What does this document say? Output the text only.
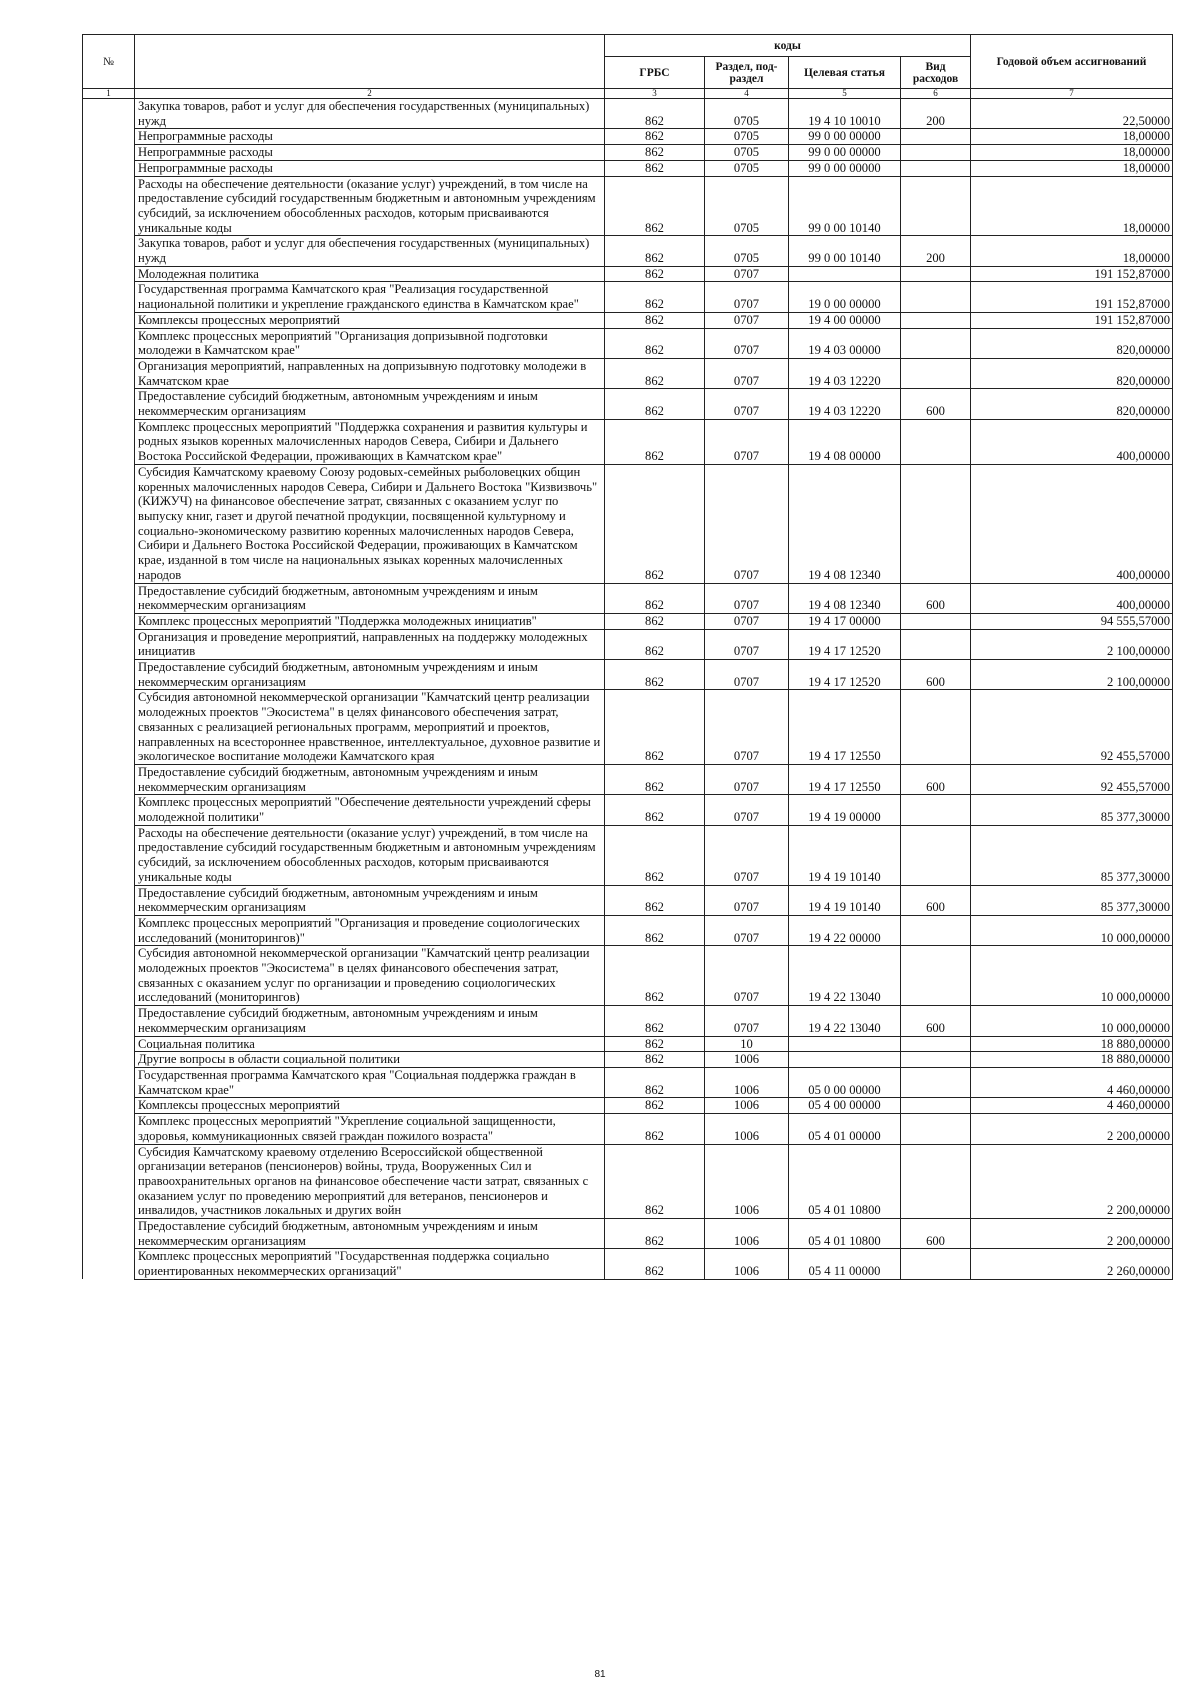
№		коды				Годовой объем ассигнований
		ГРБС	Раздел, под-раздел	Целевая статья	Вид расходов	
1	2	3	4	5	6	7
	Закупка товаров, работ и услуг для обеспечения государственных (муниципальных) нужд	862	0705	19 4 10 10010	200	22,50000
	Непрограммные расходы	862	0705	99 0 00 00000		18,00000
	Непрограммные расходы	862	0705	99 0 00 00000		18,00000
	Непрограммные расходы	862	0705	99 0 00 00000		18,00000
	Расходы на обеспечение деятельности (оказание услуг) учреждений, в том числе на предоставление субсидий государственным бюджетным и автономным учреждениям субсидий, за исключением обособленных расходов, которым присваиваются уникальные коды	862	0705	99 0 00 10140		18,00000
	Закупка товаров, работ и услуг для обеспечения государственных (муниципальных) нужд	862	0705	99 0 00 10140	200	18,00000
	Молодежная политика	862	0707			191 152,87000
	Государственная программа Камчатского края "Реализация государственной национальной политики и укрепление гражданского единства в Камчатском крае"	862	0707	19 0 00 00000		191 152,87000
	Комплексы процессных мероприятий	862	0707	19 4 00 00000		191 152,87000
	Комплекс процессных мероприятий "Организация допризывной подготовки молодежи в Камчатском крае"	862	0707	19 4 03 00000		820,00000
	Организация мероприятий, направленных на допризывную подготовку молодежи в Камчатском крае	862	0707	19 4 03 12220		820,00000
	Предоставление субсидий бюджетным, автономным учреждениям и иным некоммерческим организациям	862	0707	19 4 03 12220	600	820,00000
	Комплекс процессных мероприятий "Поддержка сохранения и развития культуры и родных языков коренных малочисленных народов Севера, Сибири и Дальнего Востока Российской Федерации, проживающих в Камчатском крае"	862	0707	19 4 08 00000		400,00000
	Субсидия Камчатскому краевому Союзу родовых-семейных рыболовецких общин коренных малочисленных народов Севера, Сибири и Дальнего Востока "Кизвизвочь" (КИЖУЧ) на финансовое обеспечение затрат, связанных с оказанием услуг по выпуску книг, газет и другой печатной продукции, посвященной культурному и социально-экономическому развитию коренных малочисленных народов Севера, Сибири и Дальнего Востока Российской Федерации, проживающих в Камчатском крае, изданной в том числе на национальных языках коренных малочисленных народов	862	0707	19 4 08 12340		400,00000
	Предоставление субсидий бюджетным, автономным учреждениям и иным некоммерческим организациям	862	0707	19 4 08 12340	600	400,00000
	Комплекс процессных мероприятий "Поддержка молодежных инициатив"	862	0707	19 4 17 00000		94 555,57000
	Организация и проведение мероприятий, направленных на поддержку молодежных инициатив	862	0707	19 4 17 12520		2 100,00000
	Предоставление субсидий бюджетным, автономным учреждениям и иным некоммерческим организациям	862	0707	19 4 17 12520	600	2 100,00000
	Субсидия автономной некоммерческой организации "Камчатский центр реализации молодежных проектов "Экосистема" в целях финансового обеспечения затрат, связанных с реализацией региональных программ, мероприятий и проектов, направленных на всестороннее нравственное, интеллектуальное, духовное развитие и экологическое воспитание молодежи Камчатского края	862	0707	19 4 17 12550		92 455,57000
	Предоставление субсидий бюджетным, автономным учреждениям и иным некоммерческим организациям	862	0707	19 4 17 12550	600	92 455,57000
	Комплекс процессных мероприятий "Обеспечение деятельности учреждений сферы молодежной политики"	862	0707	19 4 19 00000		85 377,30000
	Расходы на обеспечение деятельности (оказание услуг) учреждений, в том числе на предоставление субсидий государственным бюджетным и автономным учреждениям субсидий, за исключением обособленных расходов, которым присваиваются уникальные коды	862	0707	19 4 19 10140		85 377,30000
	Предоставление субсидий бюджетным, автономным учреждениям и иным некоммерческим организациям	862	0707	19 4 19 10140	600	85 377,30000
	Комплекс процессных мероприятий "Организация и проведение социологических исследований (мониторингов)"	862	0707	19 4 22 00000		10 000,00000
	Субсидия автономной некоммерческой организации "Камчатский центр реализации молодежных проектов "Экосистема" в целях финансового обеспечения затрат, связанных с оказанием услуг по организации и проведению социологических исследований (мониторингов)	862	0707	19 4 22 13040		10 000,00000
	Предоставление субсидий бюджетным, автономным учреждениям и иным некоммерческим организациям	862	0707	19 4 22 13040	600	10 000,00000
	Социальная политика	862	10			18 880,00000
	Другие вопросы в области социальной политики	862	1006			18 880,00000
	Государственная программа Камчатского края "Социальная поддержка граждан в Камчатском крае"	862	1006	05 0 00 00000		4 460,00000
	Комплексы процессных мероприятий	862	1006	05 4 00 00000		4 460,00000
	Комплекс процессных мероприятий "Укрепление социальной защищенности, здоровья, коммуникационных связей граждан пожилого возраста"	862	1006	05 4 01 00000		2 200,00000
	Субсидия Камчатскому краевому отделению Всероссийской общественной организации ветеранов (пенсионеров) войны, труда, Вооруженных Сил и правоохранительных органов на финансовое обеспечение части затрат, связанных с оказанием услуг по проведению мероприятий для ветеранов, пенсионеров и инвалидов, участников локальных и других войн	862	1006	05 4 01 10800		2 200,00000
	Предоставление субсидий бюджетным, автономным учреждениям и иным некоммерческим организациям	862	1006	05 4 01 10800	600	2 200,00000
	Комплекс процессных мероприятий "Государственная поддержка социально ориентированных некоммерческих организаций"	862	1006	05 4 11 00000		2 260,00000
81
